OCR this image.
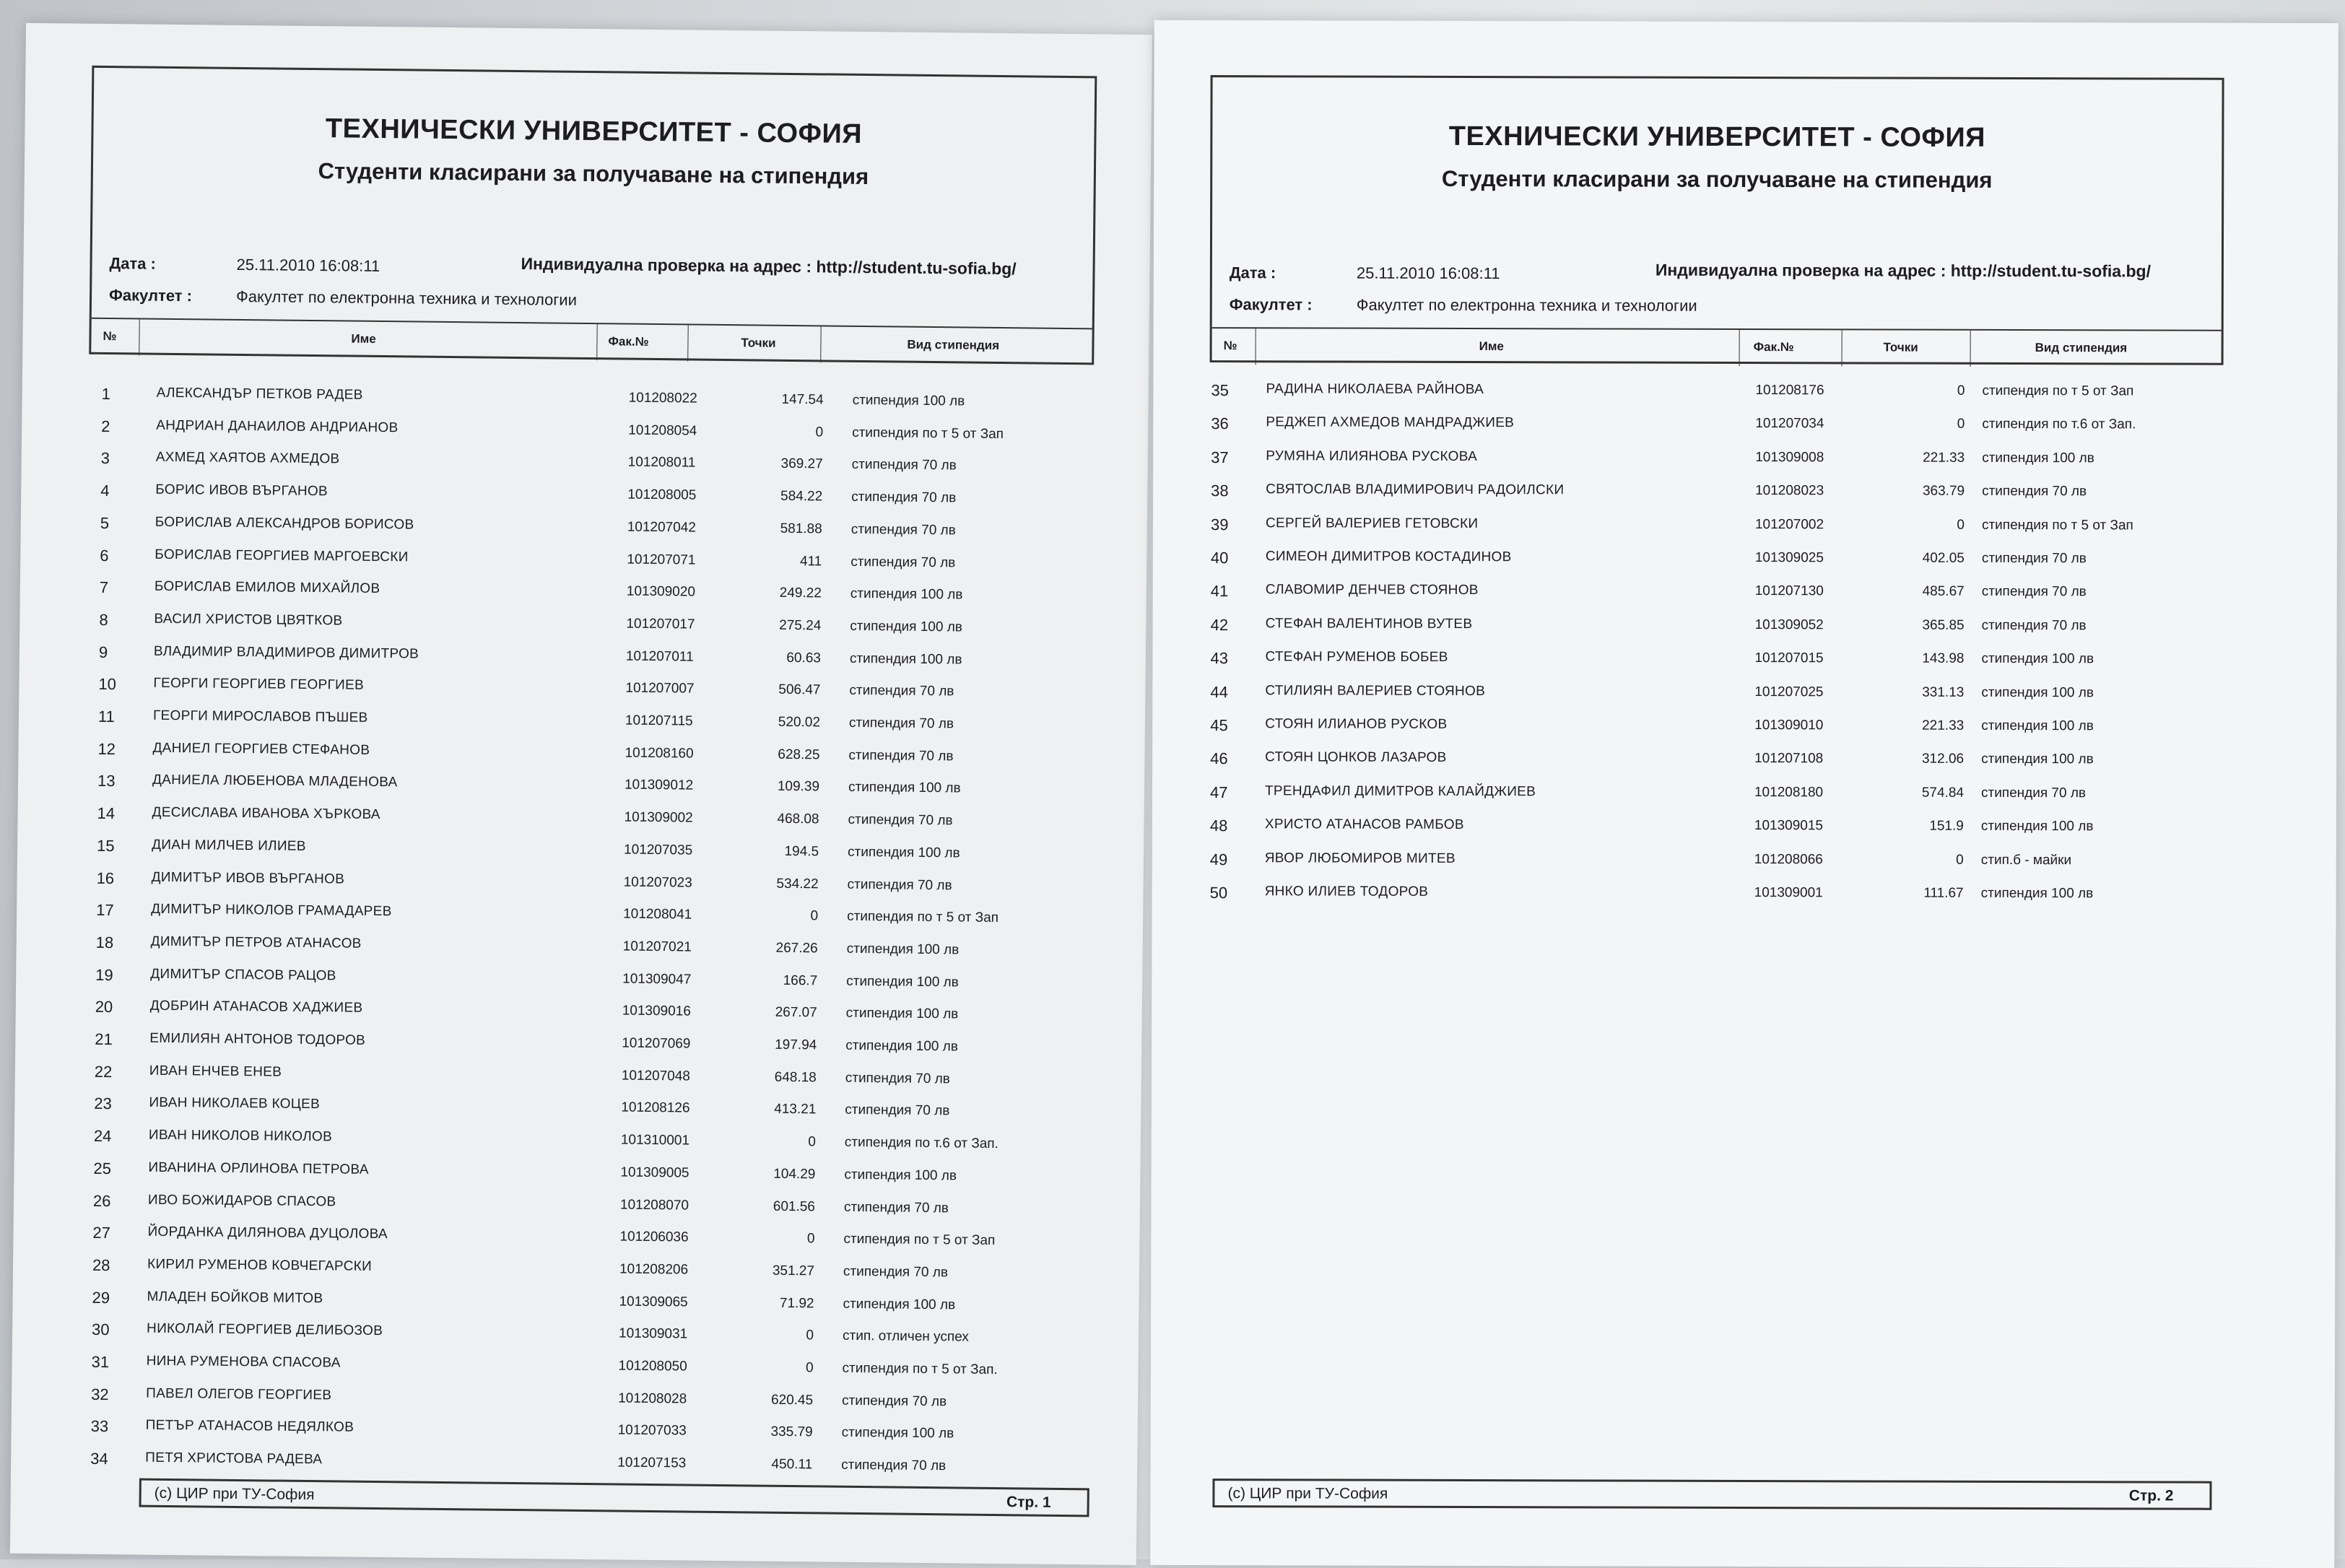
ТЕХНИЧЕСКИ УНИВЕРСИТЕТ - СОФИЯ
Студенти класирани за получаване на стипендия
Дата :	25.11.2010 16:08:11	Индивидуална проверка на адрес : http://student.tu-sofia.bg/
Факултет :	Факултет по електронна техника и технологии
№	Име	Фак.№	Точки	Вид стипендия
1	АЛЕКСАНДЪР ПЕТКОВ РАДЕВ	101208022	147.54 стипендия 100 лв
2	АНДРИАН ДАНАИЛОВ АНДРИАНОВ	101208054	0 стипендия по т 5 от Зап
3	АХМЕД ХАЯТОВ АХМЕДОВ	101208011	369.27 стипендия 70 лв
4	БОРИС ИВОВ ВЪРГАНОВ	101208005	584.22 стипендия 70 лв
5	БОРИСЛАВ АЛЕКСАНДРОВ БОРИСОВ	101207042	581.88 стипендия 70 лв
6	БОРИСЛАВ ГЕОРГИЕВ МАРГОЕВСКИ	101207071	411 стипендия 70 лв
7	БОРИСЛАВ ЕМИЛОВ МИХАЙЛОВ	101309020	249.22 стипендия 100 лв
8	ВАСИЛ ХРИСТОВ ЦВЯТКОВ	101207017	275.24 стипендия 100 лв
9	ВЛАДИМИР ВЛАДИМИРОВ ДИМИТРОВ	101207011	60.63 стипендия 100 лв
10	ГЕОРГИ ГЕОРГИЕВ ГЕОРГИЕВ	101207007	506.47 стипендия 70 лв
11	ГЕОРГИ МИРОСЛАВОВ ПЪШЕВ	101207115	520.02 стипендия 70 лв
12	ДАНИЕЛ ГЕОРГИЕВ СТЕФАНОВ	101208160	628.25 стипендия 70 лв
13	ДАНИЕЛА ЛЮБЕНОВА МЛАДЕНОВА	101309012	109.39 стипендия 100 лв
14	ДЕСИСЛАВА ИВАНОВА ХЪРКОВА	101309002	468.08 стипендия 70 лв
15	ДИАН МИЛЧЕВ ИЛИЕВ	101207035	194.5 стипендия 100 лв
16	ДИМИТЪР ИВОВ ВЪРГАНОВ	101207023	534.22 стипендия 70 лв
17	ДИМИТЪР НИКОЛОВ ГРАМАДАРЕВ	101208041	0 стипендия по т 5 от Зап
18	ДИМИТЪР ПЕТРОВ АТАНАСОВ	101207021	267.26 стипендия 100 лв
19	ДИМИТЪР СПАСОВ РАЦОВ	101309047	166.7 стипендия 100 лв
20	ДОБРИН АТАНАСОВ ХАДЖИЕВ	101309016	267.07 стипендия 100 лв
21	ЕМИЛИЯН АНТОНОВ ТОДОРОВ	101207069	197.94 стипендия 100 лв
22	ИВАН ЕНЧЕВ ЕНЕВ	101207048	648.18 стипендия 70 лв
23	ИВАН НИКОЛАЕВ КОЦЕВ	101208126	413.21 стипендия 70 лв
24	ИВАН НИКОЛОВ НИКОЛОВ	101310001	0 стипендия по т.6 от Зап.
25	ИВАНИНА ОРЛИНОВА ПЕТРОВА	101309005	104.29 стипендия 100 лв
26	ИВО БОЖИДАРОВ СПАСОВ	101208070	601.56 стипендия 70 лв
27	ЙОРДАНКА ДИЛЯНОВА ДУЦОЛОВА	101206036	0 стипендия по т 5 от Зап
28	КИРИЛ РУМЕНОВ КОВЧЕГАРСКИ	101208206	351.27 стипендия 70 лв
29	МЛАДЕН БОЙКОВ МИТОВ	101309065	71.92 стипендия 100 лв
30	НИКОЛАЙ ГЕОРГИЕВ ДЕЛИБОЗОВ	101309031	0 стип. отличен успех
31	НИНА РУМЕНОВА СПАСОВА	101208050	0 стипендия по т 5 от Зап.
32	ПАВЕЛ ОЛЕГОВ ГЕОРГИЕВ	101208028	620.45 стипендия 70 лв
33	ПЕТЪР АТАНАСОВ НЕДЯЛКОВ	101207033	335.79 стипендия 100 лв
34	ПЕТЯ ХРИСТОВА РАДЕВА	101207153	450.11 стипендия 70 лв
(с) ЦИР при ТУ-София	Стр. 1
ТЕХНИЧЕСКИ УНИВЕРСИТЕТ - СОФИЯ
Студенти класирани за получаване на стипендия
Дата :	25.11.2010 16:08:11	Индивидуална проверка на адрес : http://student.tu-sofia.bg/
Факултет :	Факултет по електронна техника и технологии
№	Име	Фак.№	Точки	Вид стипендия
35	РАДИНА НИКОЛАЕВА РАЙНОВА	101208176	0 стипендия по т 5 от Зап
36	РЕДЖЕП АХМЕДОВ МАНДРАДЖИЕВ	101207034	0 стипендия по т.6 от Зап.
37	РУМЯНА ИЛИЯНОВА РУСКОВА	101309008	221.33 стипендия 100 лв
38	СВЯТОСЛАВ ВЛАДИМИРОВИЧ РАДОИЛСКИ	101208023	363.79 стипендия 70 лв
39	СЕРГЕЙ ВАЛЕРИЕВ ГЕТОВСКИ	101207002	0 стипендия по т 5 от Зап
40	СИМЕОН ДИМИТРОВ КОСТАДИНОВ	101309025	402.05 стипендия 70 лв
41	СЛАВОМИР ДЕНЧЕВ СТОЯНОВ	101207130	485.67 стипендия 70 лв
42	СТЕФАН ВАЛЕНТИНОВ ВУТЕВ	101309052	365.85 стипендия 70 лв
43	СТЕФАН РУМЕНОВ БОБЕВ	101207015	143.98 стипендия 100 лв
44	СТИЛИЯН ВАЛЕРИЕВ СТОЯНОВ	101207025	331.13 стипендия 100 лв
45	СТОЯН ИЛИАНОВ РУСКОВ	101309010	221.33 стипендия 100 лв
46	СТОЯН ЦОНКОВ ЛАЗАРОВ	101207108	312.06 стипендия 100 лв
47	ТРЕНДАФИЛ ДИМИТРОВ КАЛАЙДЖИЕВ	101208180	574.84 стипендия 70 лв
48	ХРИСТО АТАНАСОВ РАМБОВ	101309015	151.9 стипендия 100 лв
49	ЯВОР ЛЮБОМИРОВ МИТЕВ	101208066	0 стип.б - майки
50	ЯНКО ИЛИЕВ ТОДОРОВ	101309001	111.67 стипендия 100 лв
(с) ЦИР при ТУ-София	Стр. 2
